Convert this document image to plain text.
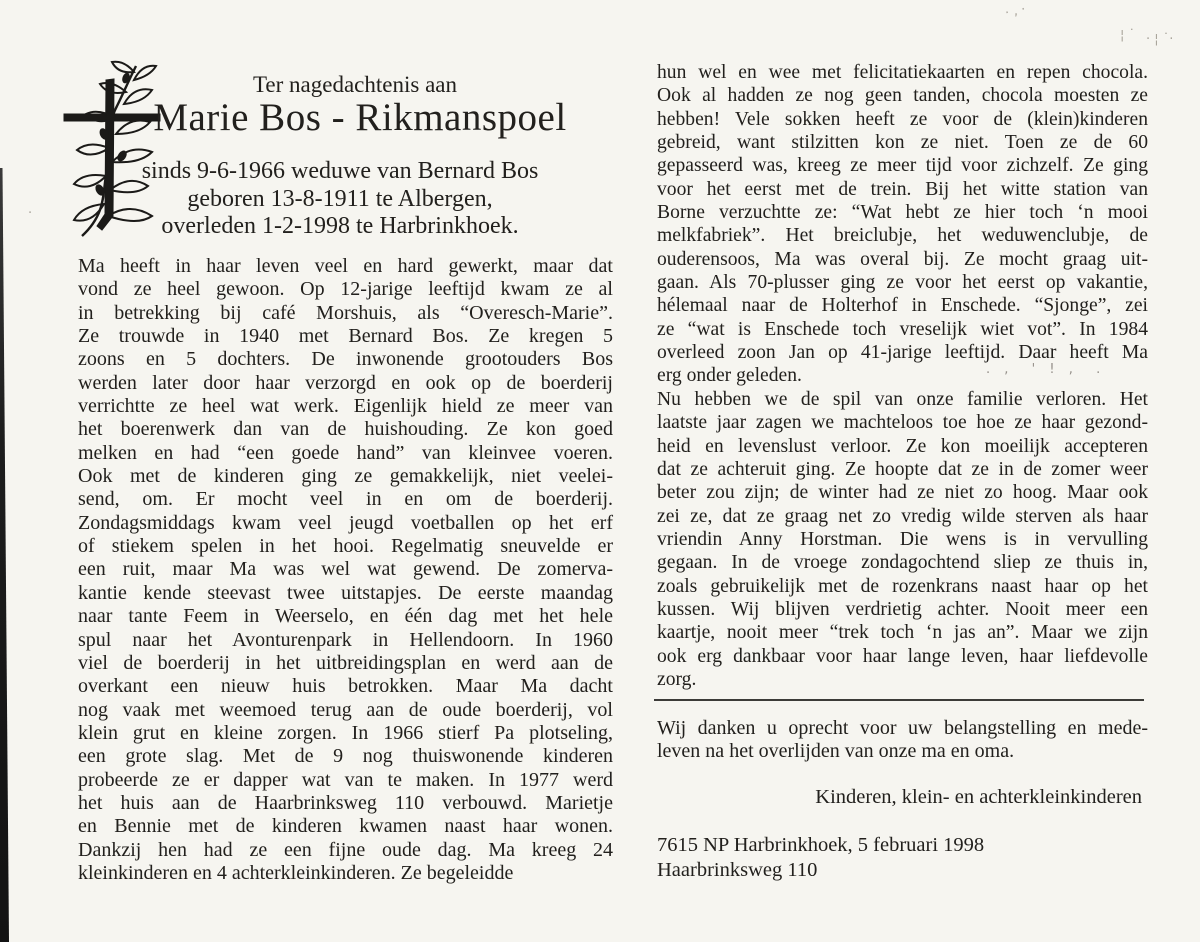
Ter nagedachtenis aan
Marie Bos - Rikmanspoel
sinds 9-6-1966 weduwe van Bernard Bos
geboren 13-8-1911 te Albergen,
overleden 1-2-1998 te Harbrinkhoek.
Ma heeft in haar leven veel en hard gewerkt, maar dat
vond ze heel gewoon. Op 12-jarige leeftijd kwam ze al
in betrekking bij café Morshuis, als “Overesch-Marie”.
Ze trouwde in 1940 met Bernard Bos. Ze kregen 5
zoons en 5 dochters. De inwonende grootouders Bos
werden later door haar verzorgd en ook op de boerderij
verrichtte ze heel wat werk. Eigenlijk hield ze meer van
het boerenwerk dan van de huishouding. Ze kon goed
melken en had “een goede hand” van kleinvee voeren.
Ook met de kinderen ging ze gemakkelijk, niet veelei-
send, om. Er mocht veel in en om de boerderij.
Zondagsmiddags kwam veel jeugd voetballen op het erf
of stiekem spelen in het hooi. Regelmatig sneuvelde er
een ruit, maar Ma was wel wat gewend. De zomerva-
kantie kende steevast twee uitstapjes. De eerste maandag
naar tante Feem in Weerselo, en één dag met het hele
spul naar het Avonturenpark in Hellendoorn. In 1960
viel de boerderij in het uitbreidingsplan en werd aan de
overkant een nieuw huis betrokken. Maar Ma dacht
nog vaak met weemoed terug aan de oude boerderij, vol
klein grut en kleine zorgen. In 1966 stierf Pa plotseling,
een grote slag. Met de 9 nog thuiswonende kinderen
probeerde ze er dapper wat van te maken. In 1977 werd
het huis aan de Haarbrinksweg 110 verbouwd. Marietje
en Bennie met de kinderen kwamen naast haar wonen.
Dankzij hen had ze een fijne oude dag. Ma kreeg 24
kleinkinderen en 4 achterkleinkinderen. Ze begeleidde
hun wel en wee met felicitatiekaarten en repen chocola.
Ook al hadden ze nog geen tanden, chocola moesten ze
hebben! Vele sokken heeft ze voor de (klein)kinderen
gebreid, want stilzitten kon ze niet. Toen ze de 60
gepasseerd was, kreeg ze meer tijd voor zichzelf. Ze ging
voor het eerst met de trein. Bij het witte station van
Borne verzuchtte ze: “Wat hebt ze hier toch ‘n mooi
melkfabriek”. Het breiclubje, het weduwenclubje, de
ouderensoos, Ma was overal bij. Ze mocht graag uit-
gaan. Als 70-plusser ging ze voor het eerst op vakantie,
hélemaal naar de Holterhof in Enschede. “Sjonge”, zei
ze “wat is Enschede toch vreselijk wiet vot”. In 1984
overleed zoon Jan op 41-jarige leeftijd. Daar heeft Ma
erg onder geleden.
Nu hebben we de spil van onze familie verloren. Het
laatste jaar zagen we machteloos toe hoe ze haar gezond-
heid en levenslust verloor. Ze kon moeilijk accepteren
dat ze achteruit ging. Ze hoopte dat ze in de zomer weer
beter zou zijn; de winter had ze niet zo hoog. Maar ook
zei ze, dat ze graag net zo vredig wilde sterven als haar
vriendin Anny Horstman. Die wens is in vervulling
gegaan. In de vroege zondagochtend sliep ze thuis in,
zoals gebruikelijk met de rozenkrans naast haar op het
kussen. Wij blijven verdrietig achter. Nooit meer een
kaartje, nooit meer “trek toch ‘n jas an”. Maar we zijn
ook erg dankbaar voor haar lange leven, haar liefdevolle
zorg.
Wij danken u oprecht voor uw belangstelling en mede-
leven na het overlijden van onze ma en oma.
Kinderen, klein- en achterkleinkinderen
7615 NP Harbrinkhoek, 5 februari 1998
Haarbrinksweg 110
· ‚ ·
¦ ˙ · ¦ ˙·
. ,  ' ! ,  .
·
